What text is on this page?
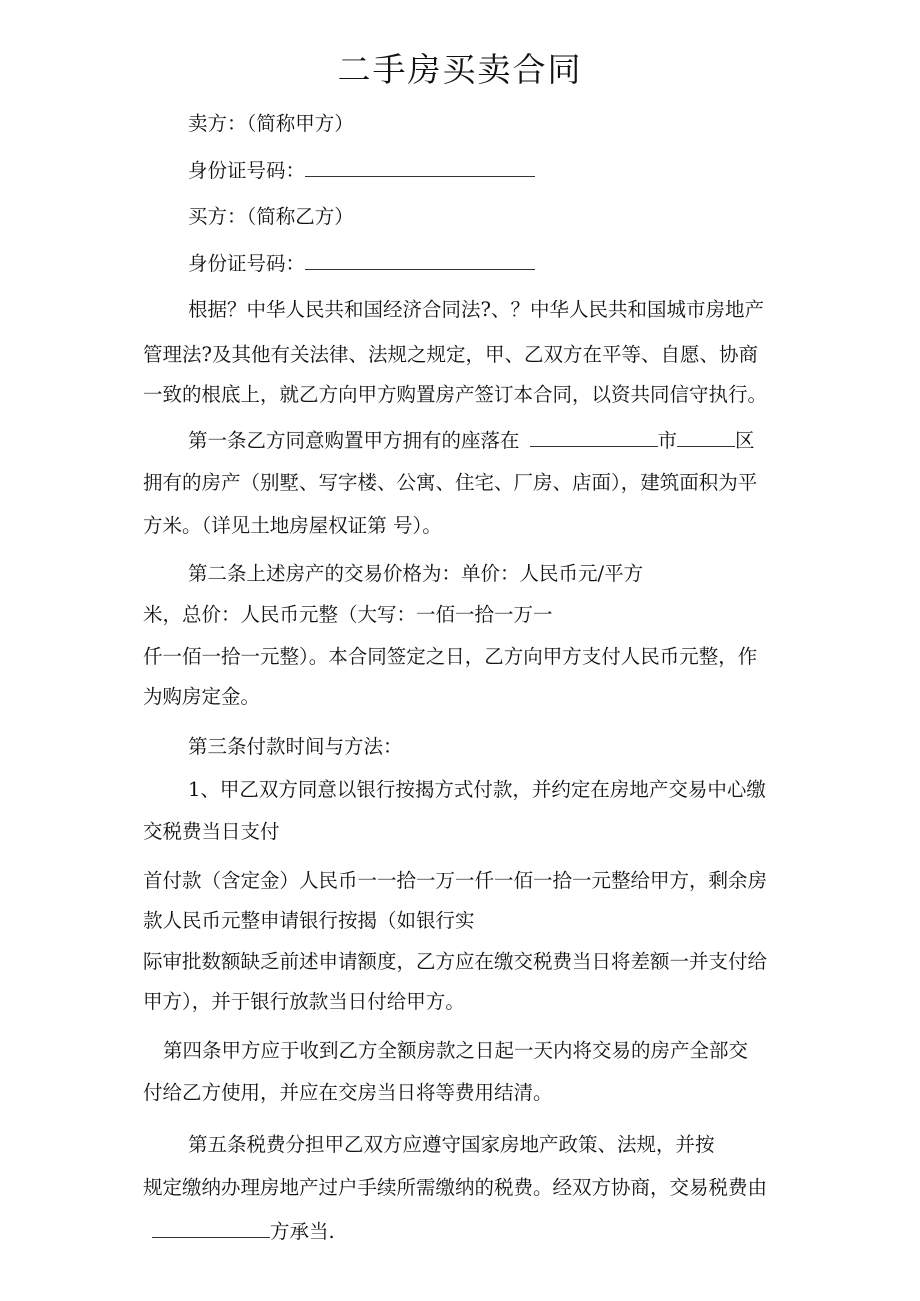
二手房买卖合同
卖方：（简称甲方）
身份证号码：
买方：（简称乙方）
身份证号码：
根据？中华人民共和国经济合同法?、？中华人民共和国城市房地产
管理法?及其他有关法律、法规之规定，甲、乙双方在平等、自愿、协商
一致的根底上，就乙方向甲方购置房产签订本合同，以资共同信守执行。
第一条乙方同意购置甲方拥有的座落在	市	区
拥有的房产（别墅、写字楼、公寓、住宅、厂房、店面），建筑面积为平
方米。（详见土地房屋权证第 号）。
第二条上述房产的交易价格为：单价：人民币元/平方
米，总价：人民币元整（大写：一佰一拾一万一
仟一佰一拾一元整）。本合同签定之日，乙方向甲方支付人民币元整，作
为购房定金。
第三条付款时间与方法：
1、甲乙双方同意以银行按揭方式付款，并约定在房地产交易中心缴
交税费当日支付
首付款（含定金）人民币一一拾一万一仟一佰一拾一元整给甲方，剩余房
款人民币元整申请银行按揭（如银行实
际审批数额缺乏前述申请额度，乙方应在缴交税费当日将差额一并支付给
甲方），并于银行放款当日付给甲方。
第四条甲方应于收到乙方全额房款之日起一天内将交易的房产全部交
付给乙方使用，并应在交房当日将等费用结清。
第五条税费分担甲乙双方应遵守国家房地产政策、法规，并按
规定缴纳办理房地产过户手续所需缴纳的税费。经双方协商，交易税费由
方承当.
